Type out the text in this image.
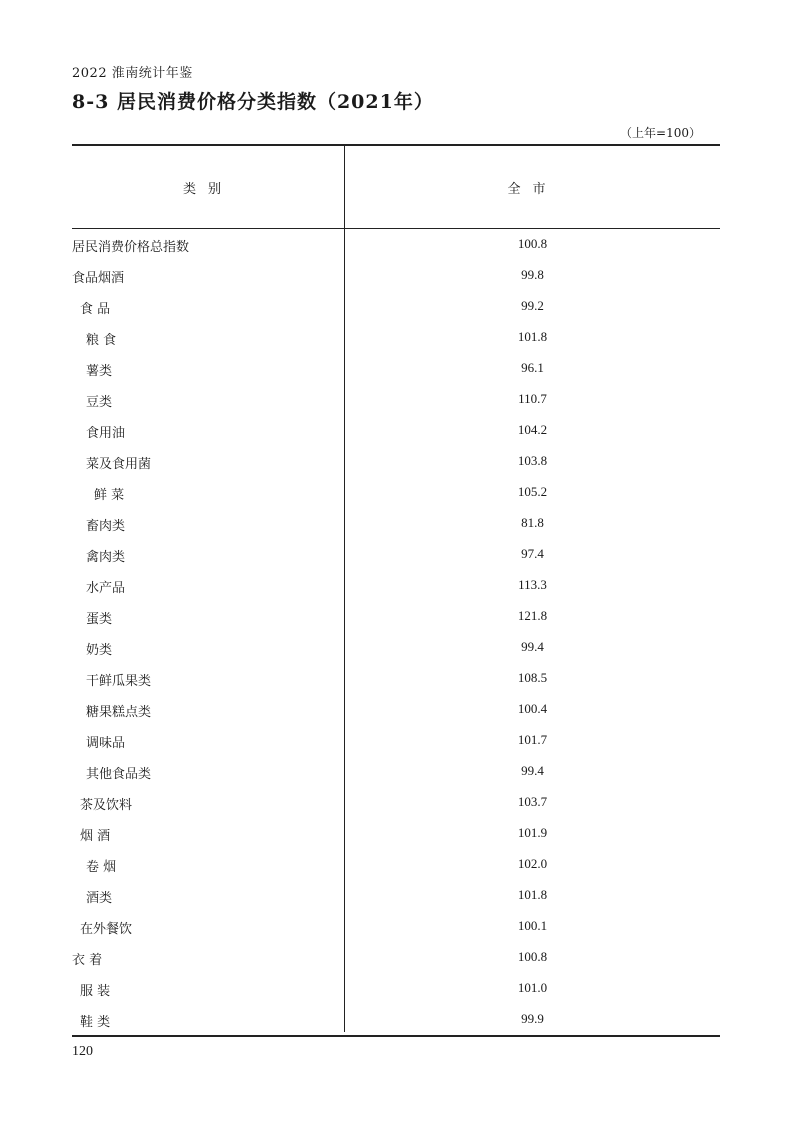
2022 淮南统计年鉴
8-3 居民消费价格分类指数（2021年）
（上年=100）
类别	全市
居民消费价格总指数	100.8
食品烟酒	99.8
食 品	99.2
粮 食	101.8
薯类	96.1
豆类	110.7
食用油	104.2
菜及食用菌	103.8
鲜 菜	105.2
畜肉类	81.8
禽肉类	97.4
水产品	113.3
蛋类	121.8
奶类	99.4
干鲜瓜果类	108.5
糖果糕点类	100.4
调味品	101.7
其他食品类	99.4
茶及饮料	103.7
烟 酒	101.9
卷 烟	102.0
酒类	101.8
在外餐饮	100.1
衣 着	100.8
服 装	101.0
鞋 类	99.9
120
